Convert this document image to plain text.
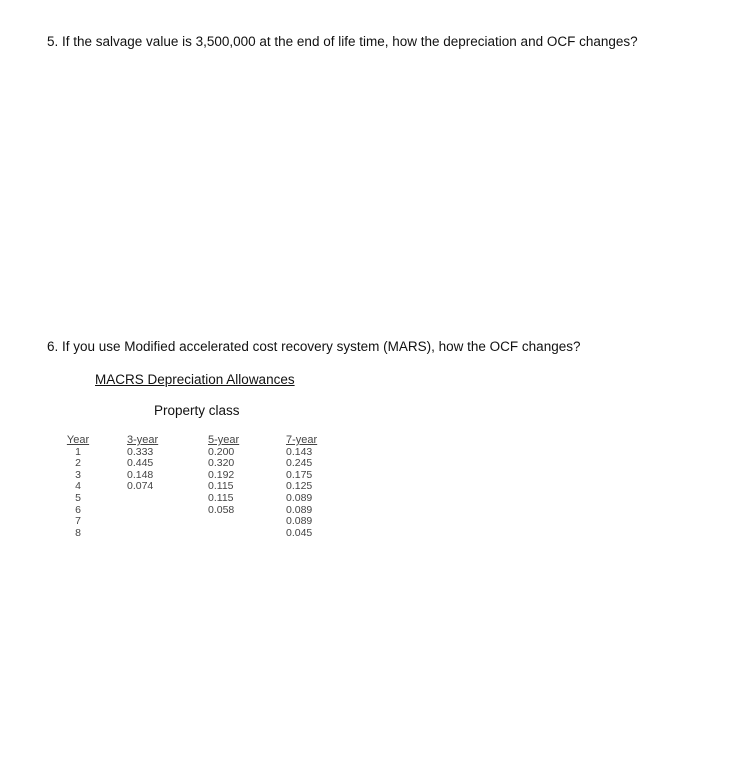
5. If the salvage value is 3,500,000 at the end of life time, how the depreciation and OCF changes?
6. If you use Modified accelerated cost recovery system (MARS), how the OCF changes?
MACRS Depreciation Allowances
Property class
Year
1
2
3
4
5
6
7
8
3-year
0.333
0.445
0.148
0.074
5-year
0.200
0.320
0.192
0.115
0.115
0.058
7-year
0.143
0.245
0.175
0.125
0.089
0.089
0.089
0.045
